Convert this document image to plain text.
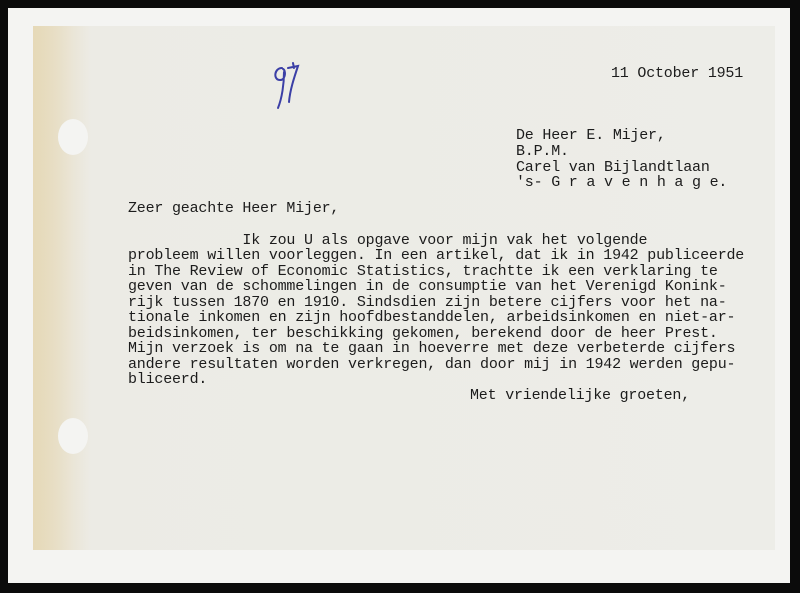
11 October 1951
De Heer E. Mijer,
B.P.M.
Carel van Bijlandtlaan
's- G r a v e n h a g e.
Zeer geachte Heer Mijer,
Ik zou U als opgave voor mijn vak het volgende
probleem willen voorleggen. In een artikel, dat ik in 1942 publiceerde
in The Review of Economic Statistics, trachtte ik een verklaring te
geven van de schommelingen in de consumptie van het Verenigd Konink-
rijk tussen 1870 en 1910. Sindsdien zijn betere cijfers voor het na-
tionale inkomen en zijn hoofdbestanddelen, arbeidsinkomen en niet-ar-
beidsinkomen, ter beschikking gekomen, berekend door de heer Prest.
Mijn verzoek is om na te gaan in hoeverre met deze verbeterde cijfers
andere resultaten worden verkregen, dan door mij in 1942 werden gepu-
bliceerd.
Met vriendelijke groeten,
